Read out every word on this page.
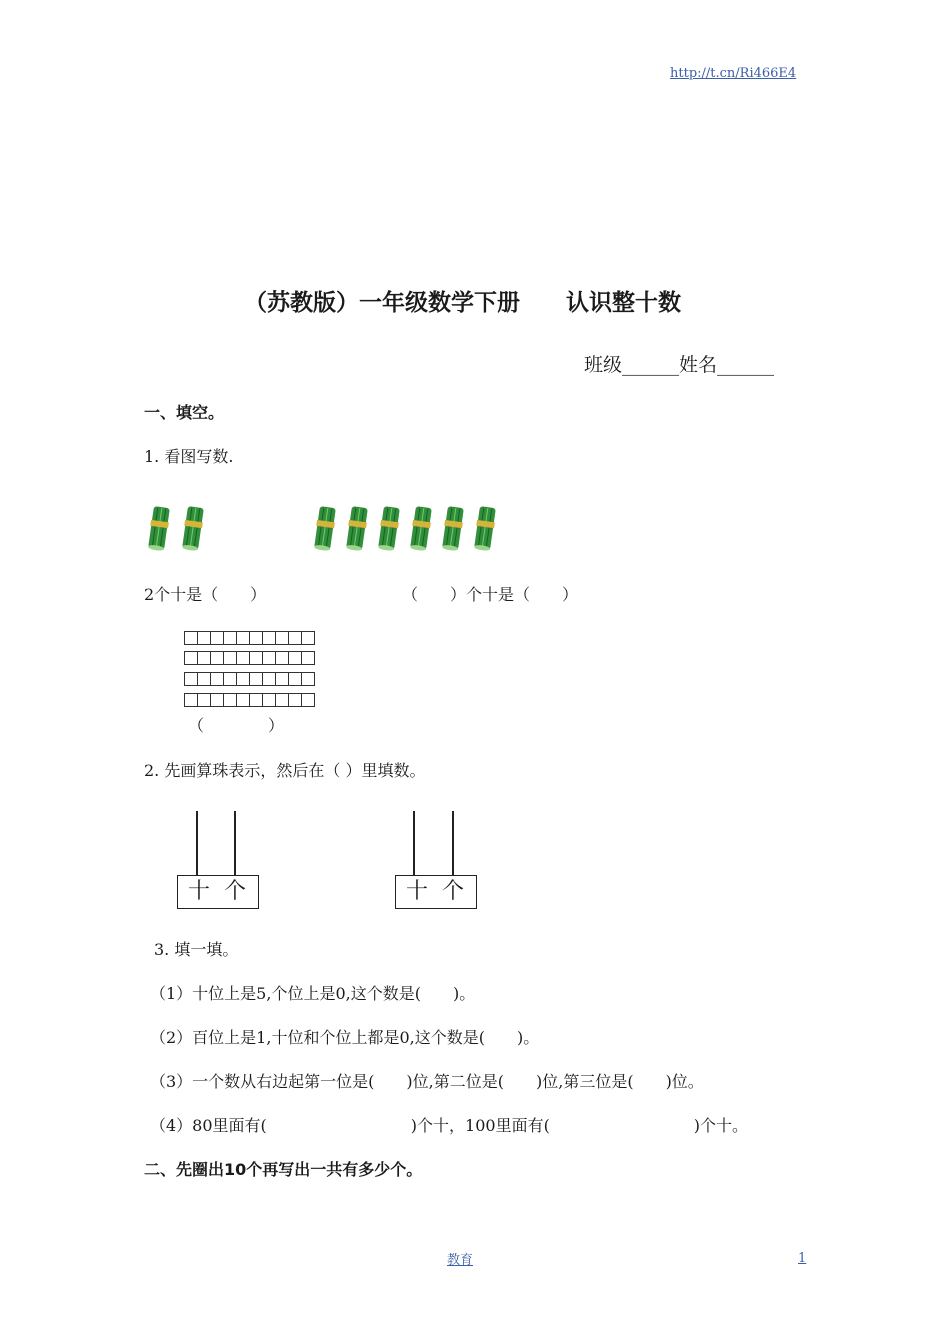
http://t.cn/Ri466E4
（苏教版）一年级数学下册　　认识整十数
班级______姓名______
一、填空。
1. 看图写数.
2个十是（　　）	（　　）个十是（　　）
（　　　　）
2. 先画算珠表示，然后在（ ）里填数。
十 个	十 个
3. 填一填。
（1）十位上是5,个位上是0,这个数是(　　)。
（2）百位上是1,十位和个位上都是0,这个数是(　　)。
（3）一个数从右边起第一位是(　　)位,第二位是(　　)位,第三位是(　　)位。
（4）80里面有(　　　　　　　　　)个十，100里面有(　　　　　　　　　)个十。
二、先圈出10个再写出一共有多少个。
教育	1
